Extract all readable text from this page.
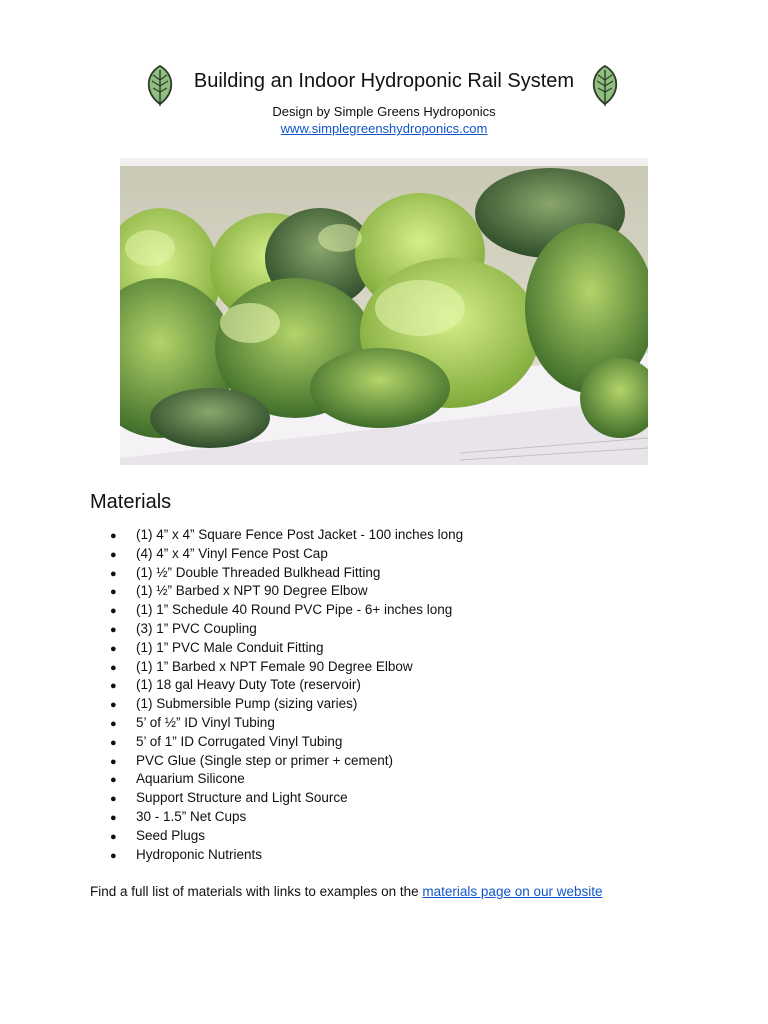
Building an Indoor Hydroponic Rail System
Design by Simple Greens Hydroponics
www.simplegreenshydroponics.com
Materials
● (1) 4” x 4” Square Fence Post Jacket - 100 inches long
● (4) 4” x 4” Vinyl Fence Post Cap
● (1) ½” Double Threaded Bulkhead Fitting
● (1) ½” Barbed x NPT 90 Degree Elbow
● (1) 1” Schedule 40 Round PVC Pipe - 6+ inches long
● (3) 1” PVC Coupling
● (1) 1” PVC Male Conduit Fitting
● (1) 1” Barbed x NPT Female 90 Degree Elbow
● (1) 18 gal Heavy Duty Tote (reservoir)
● (1) Submersible Pump (sizing varies)
● 5’ of ½” ID Vinyl Tubing
● 5’ of 1” ID Corrugated Vinyl Tubing
● PVC Glue (Single step or primer + cement)
● Aquarium Silicone
● Support Structure and Light Source
● 30 - 1.5” Net Cups
● Seed Plugs
● Hydroponic Nutrients
Find a full list of materials with links to examples on the materials page on our website
